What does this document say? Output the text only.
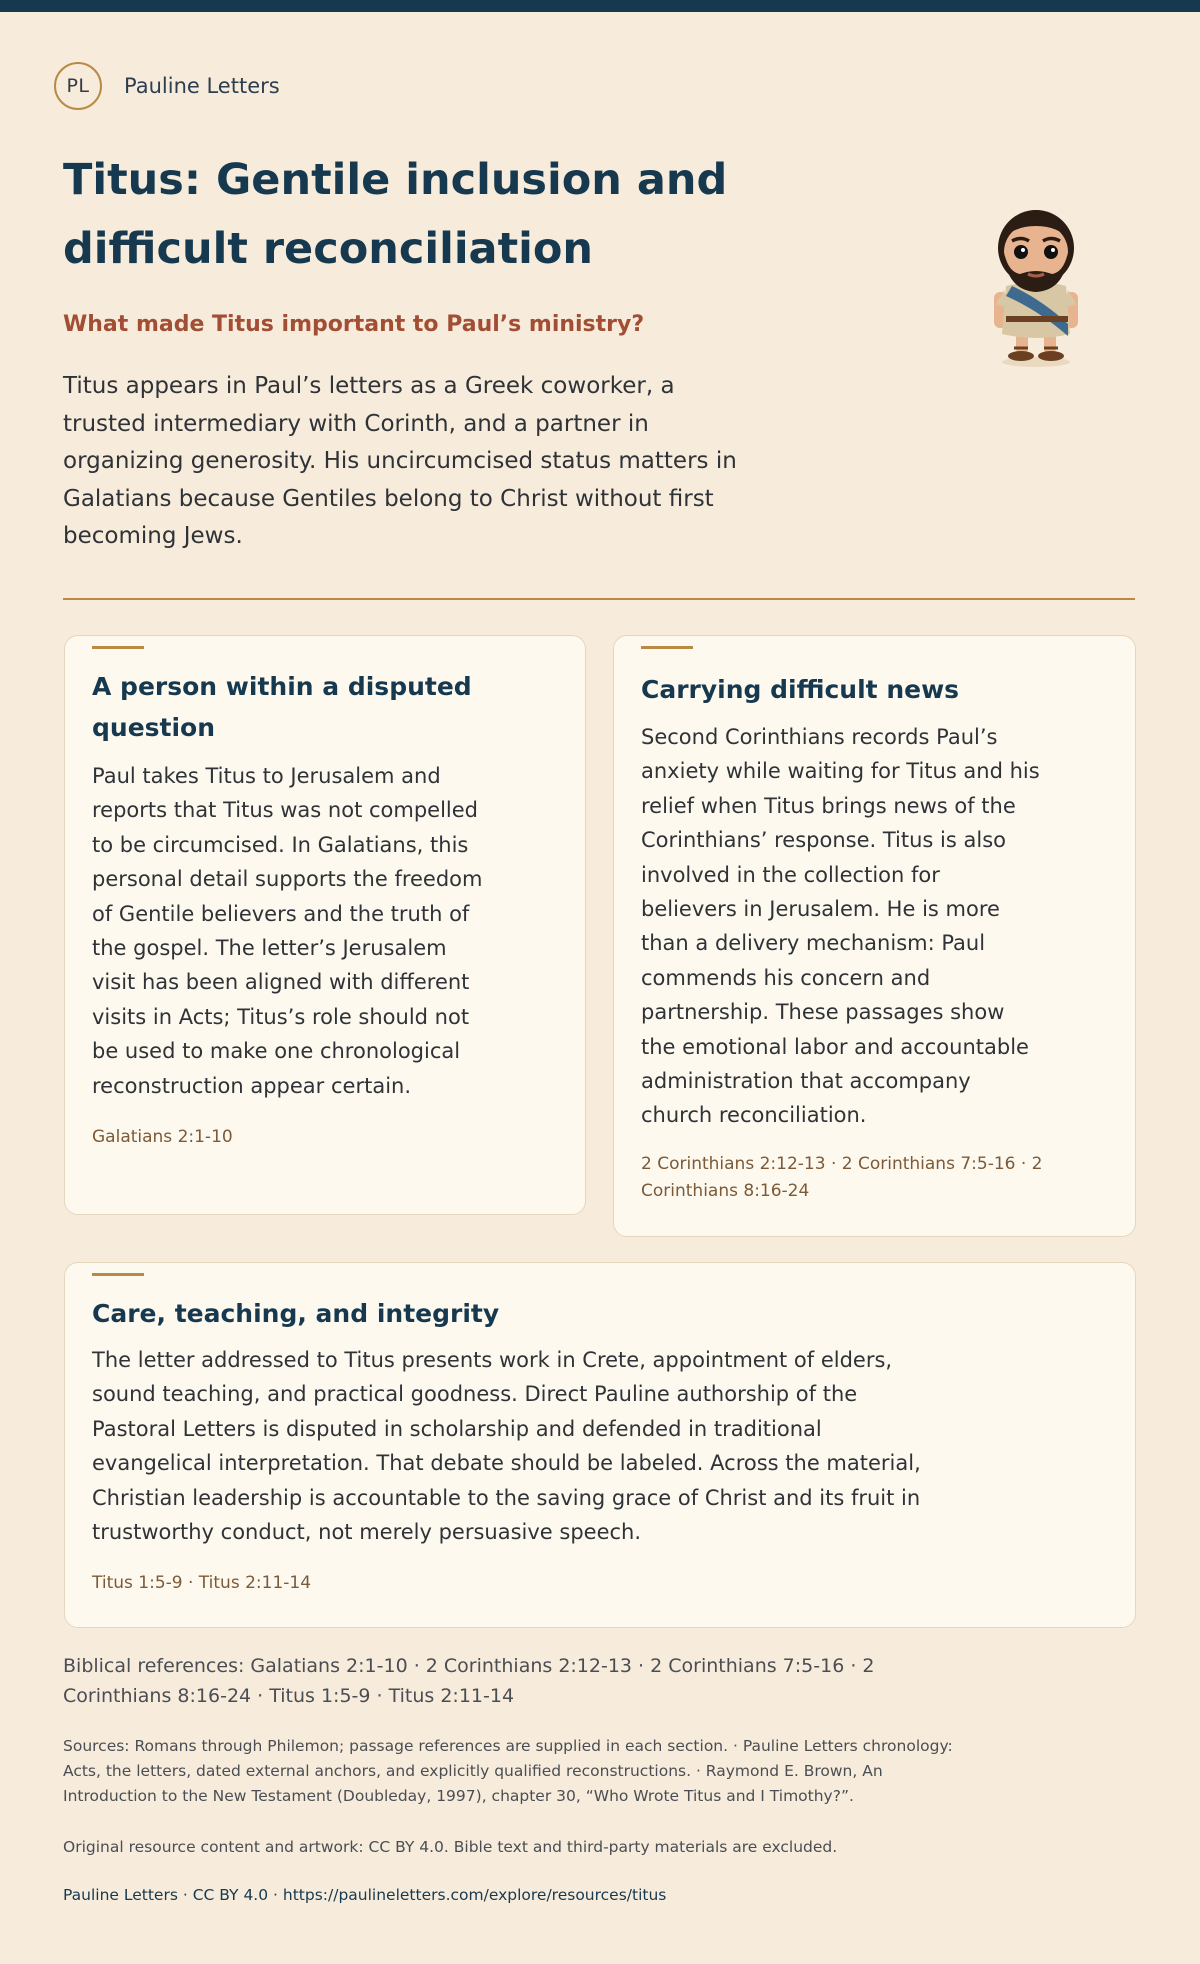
PL	Pauline Letters
Titus: Gentile inclusion and difficult reconciliation
What made Titus important to Paul’s ministry?

Titus appears in Paul’s letters as a Greek coworker, a trusted intermediary with Corinth, and a partner in organizing generosity. His uncircumcised status matters in Galatians because Gentiles belong to Christ without first becoming Jews.

A person within a disputed question

Paul takes Titus to Jerusalem and reports that Titus was not compelled to be circumcised. In Galatians, this personal detail supports the freedom of Gentile believers and the truth of the gospel. The letter’s Jerusalem visit has been aligned with different visits in Acts; Titus’s role should not be used to make one chronological reconstruction appear certain.

Galatians 2:1-10

Carrying difficult news

Second Corinthians records Paul’s anxiety while waiting for Titus and his relief when Titus brings news of the Corinthians’ response. Titus is also involved in the collection for believers in Jerusalem. He is more than a delivery mechanism: Paul commends his concern and partnership. These passages show the emotional labor and accountable administration that accompany church reconciliation.

2 Corinthians 2:12-13 · 2 Corinthians 7:5-16 · 2 Corinthians 8:16-24

Care, teaching, and integrity

The letter addressed to Titus presents work in Crete, appointment of elders, sound teaching, and practical goodness. Direct Pauline authorship of the Pastoral Letters is disputed in scholarship and defended in traditional evangelical interpretation. That debate should be labeled. Across the material, Christian leadership is accountable to the saving grace of Christ and its fruit in trustworthy conduct, not merely persuasive speech.

Titus 1:5-9 · Titus 2:11-14

Biblical references: Galatians 2:1-10 · 2 Corinthians 2:12-13 · 2 Corinthians 7:5-16 · 2 Corinthians 8:16-24 · Titus 1:5-9 · Titus 2:11-14

Sources: Romans through Philemon; passage references are supplied in each section. · Pauline Letters chronology: Acts, the letters, dated external anchors, and explicitly qualified reconstructions. · Raymond E. Brown, An Introduction to the New Testament (Doubleday, 1997), chapter 30, “Who Wrote Titus and I Timothy?”.

Original resource content and artwork: CC BY 4.0. Bible text and third-party materials are excluded.

Pauline Letters · CC BY 4.0 · https://paulineletters.com/explore/resources/titus
